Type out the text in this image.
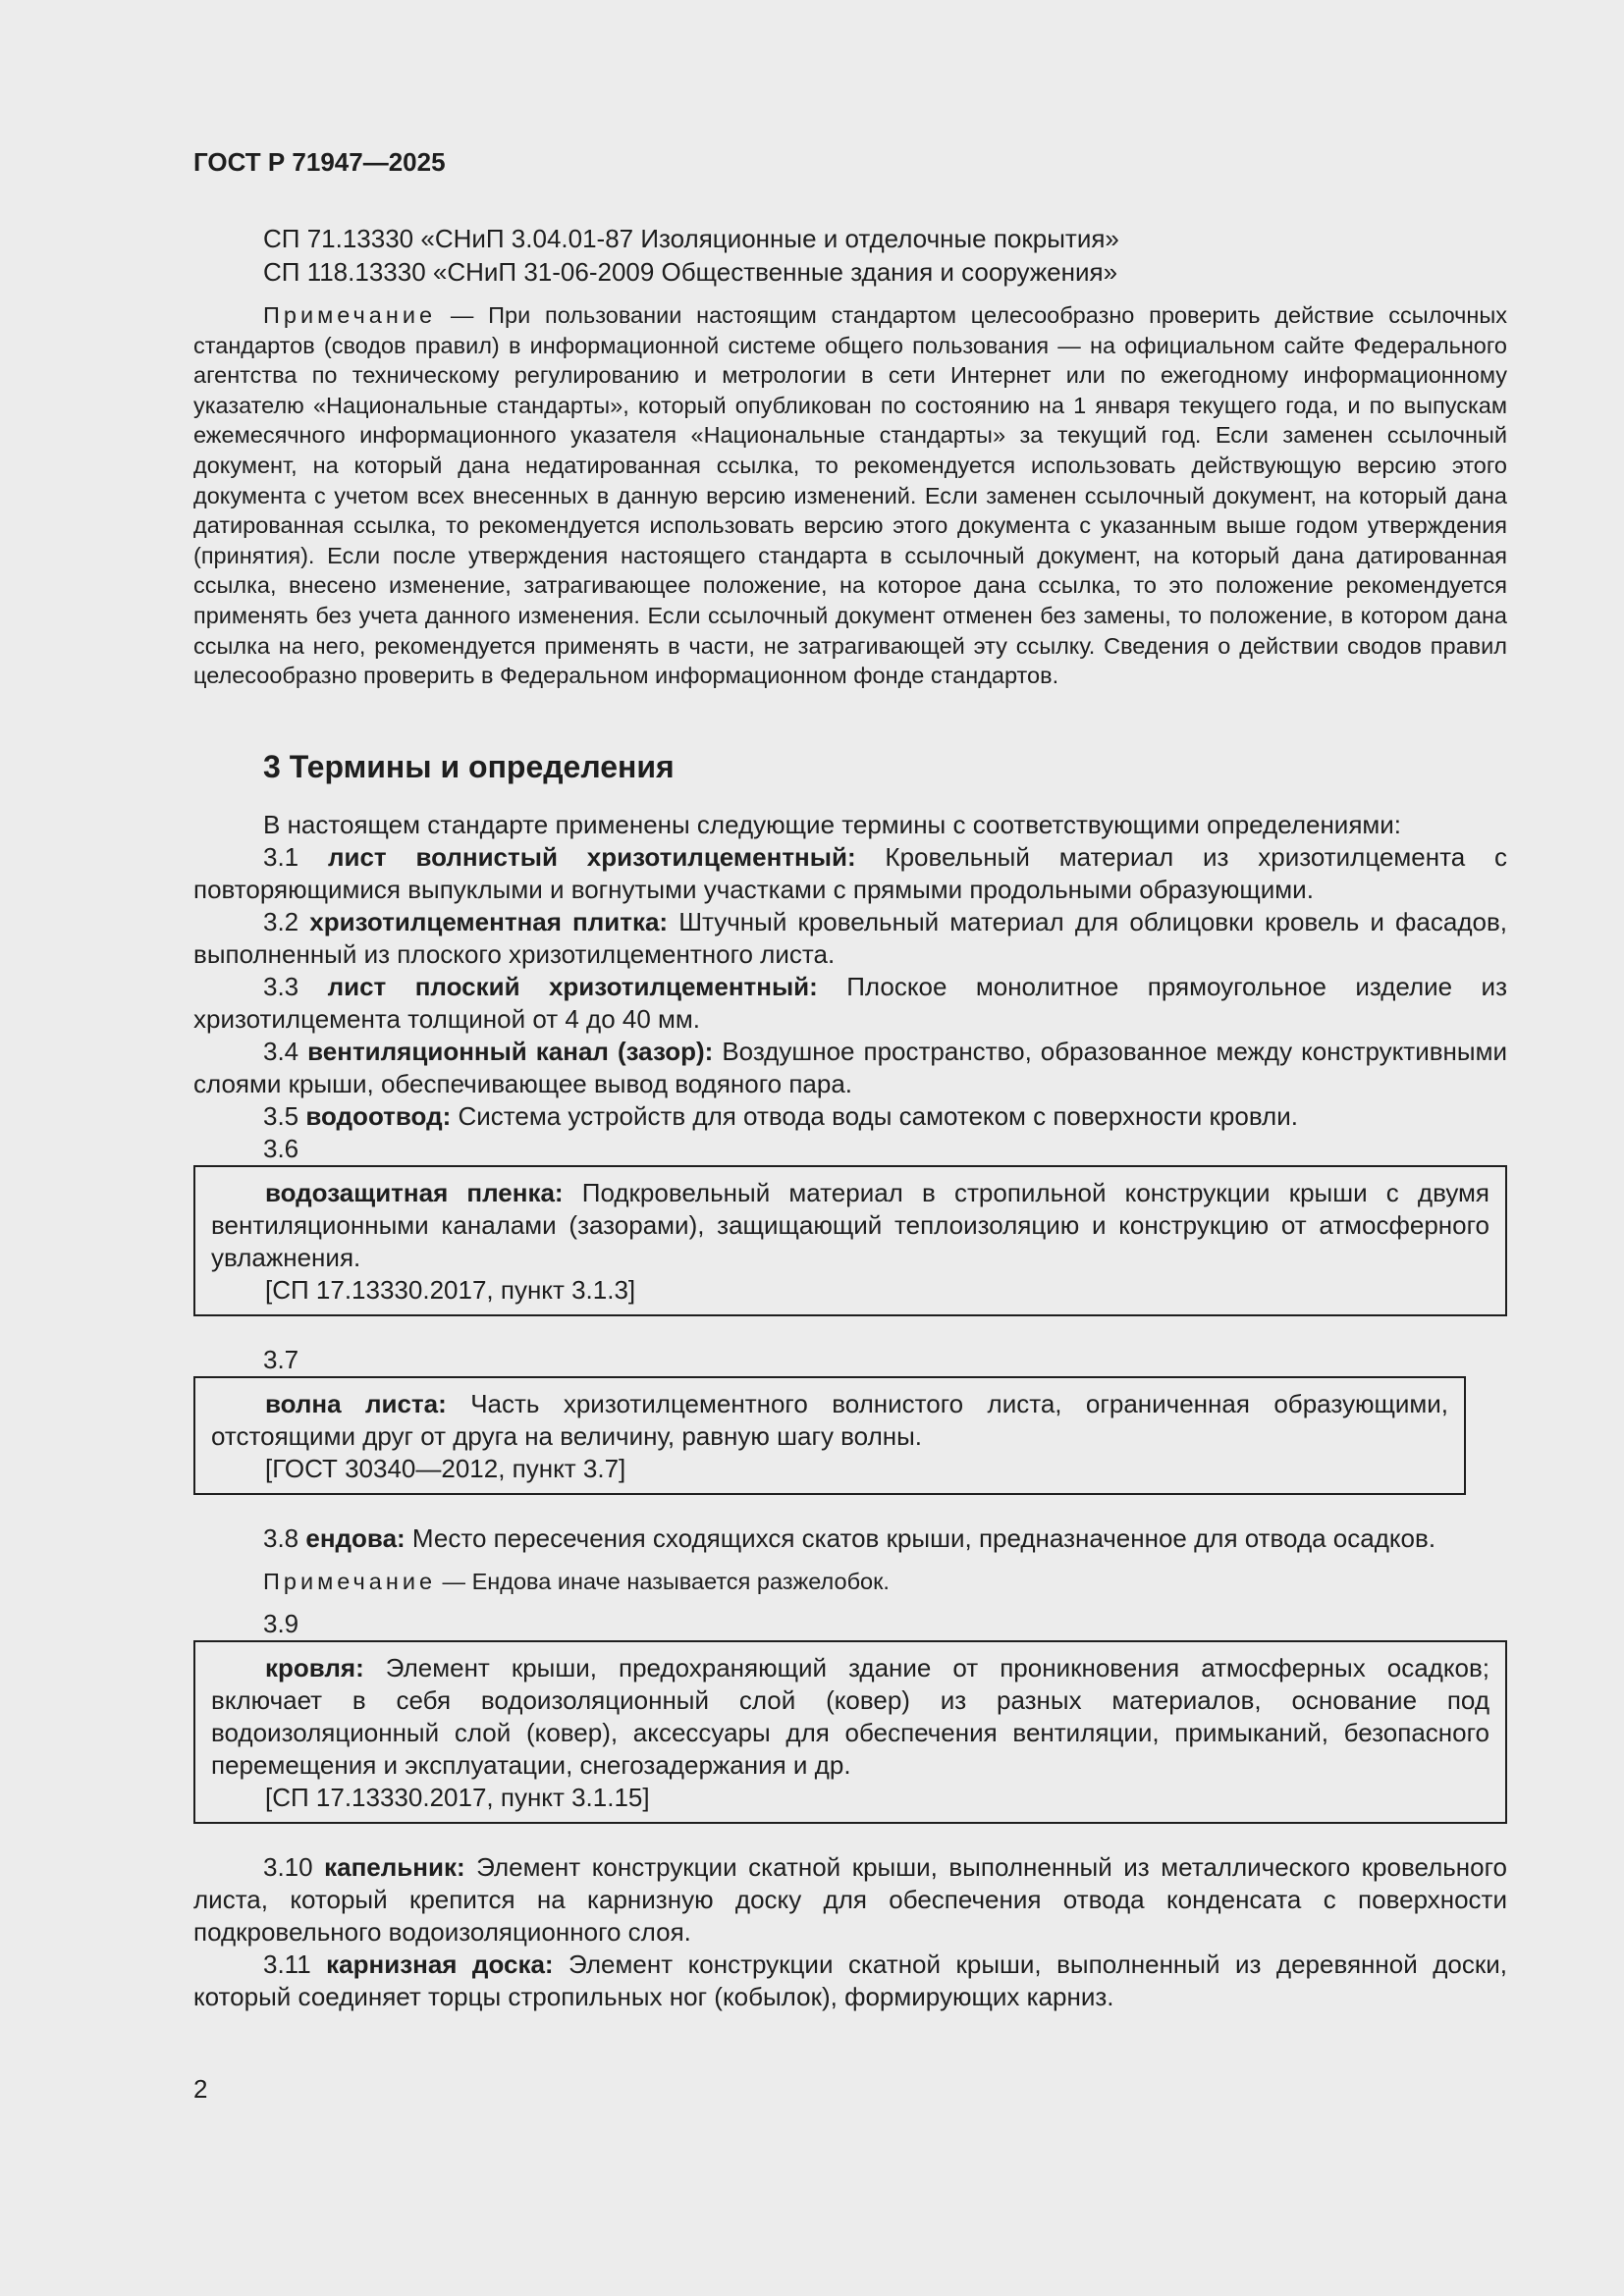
ГОСТ Р 71947—2025
СП 71.13330 «СНиП 3.04.01-87 Изоляционные и отделочные покрытия»
СП 118.13330 «СНиП 31-06-2009 Общественные здания и сооружения»

Примечание — При пользовании настоящим стандартом целесообразно проверить действие ссылочных стандартов (сводов правил) в информационной системе общего пользования — на официальном сайте Федерального агентства по техническому регулированию и метрологии в сети Интернет или по ежегодному информационному указателю «Национальные стандарты», который опубликован по состоянию на 1 января текущего года, и по выпускам ежемесячного информационного указателя «Национальные стандарты» за текущий год. Если заменен ссылочный документ, на который дана недатированная ссылка, то рекомендуется использовать действующую версию этого документа с учетом всех внесенных в данную версию изменений. Если заменен ссылочный документ, на который дана датированная ссылка, то рекомендуется использовать версию этого документа с указанным выше годом утверждения (принятия). Если после утверждения настоящего стандарта в ссылочный документ, на который дана датированная ссылка, внесено изменение, затрагивающее положение, на которое дана ссылка, то это положение рекомендуется применять без учета данного изменения. Если ссылочный документ отменен без замены, то положение, в котором дана ссылка на него, рекомендуется применять в части, не затрагивающей эту ссылку. Сведения о действии сводов правил целесообразно проверить в Федеральном информационном фонде стандартов.

3 Термины и определения

В настоящем стандарте применены следующие термины с соответствующими определениями:

3.1 лист волнистый хризотилцементный: Кровельный материал из хризотилцемента с повторяющимися выпуклыми и вогнутыми участками с прямыми продольными образующими.

3.2 хризотилцементная плитка: Штучный кровельный материал для облицовки кровель и фасадов, выполненный из плоского хризотилцементного листа.

3.3 лист плоский хризотилцементный: Плоское монолитное прямоугольное изделие из хризотилцемента толщиной от 4 до 40 мм.

3.4 вентиляционный канал (зазор): Воздушное пространство, образованное между конструктивными слоями крыши, обеспечивающее вывод водяного пара.

3.5 водоотвод: Система устройств для отвода воды самотеком с поверхности кровли.

3.6

водозащитная пленка: Подкровельный материал в стропильной конструкции крыши с двумя вентиляционными каналами (зазорами), защищающий теплоизоляцию и конструкцию от атмосферного увлажнения.

[СП 17.13330.2017, пункт 3.1.3]
3.7

волна листа: Часть хризотилцементного волнистого листа, ограниченная образующими, отстоящими друг от друга на величину, равную шагу волны.

[ГОСТ 30340—2012, пункт 3.7]

3.8 ендова: Место пересечения сходящихся скатов крыши, предназначенное для отвода осадков.

Примечание — Ендова иначе называется разжелобок.

3.9

кровля: Элемент крыши, предохраняющий здание от проникновения атмосферных осадков; включает в себя водоизоляционный слой (ковер) из разных материалов, основание под водоизоляционный слой (ковер), аксессуары для обеспечения вентиляции, примыканий, безопасного перемещения и эксплуатации, снегозадержания и др.

[СП 17.13330.2017, пункт 3.1.15]

3.10 капельник: Элемент конструкции скатной крыши, выполненный из металлического кровельного листа, который крепится на карнизную доску для обеспечения отвода конденсата с поверхности подкровельного водоизоляционного слоя.

3.11 карнизная доска: Элемент конструкции скатной крыши, выполненный из деревянной доски, который соединяет торцы стропильных ног (кобылок), формирующих карниз.

2
